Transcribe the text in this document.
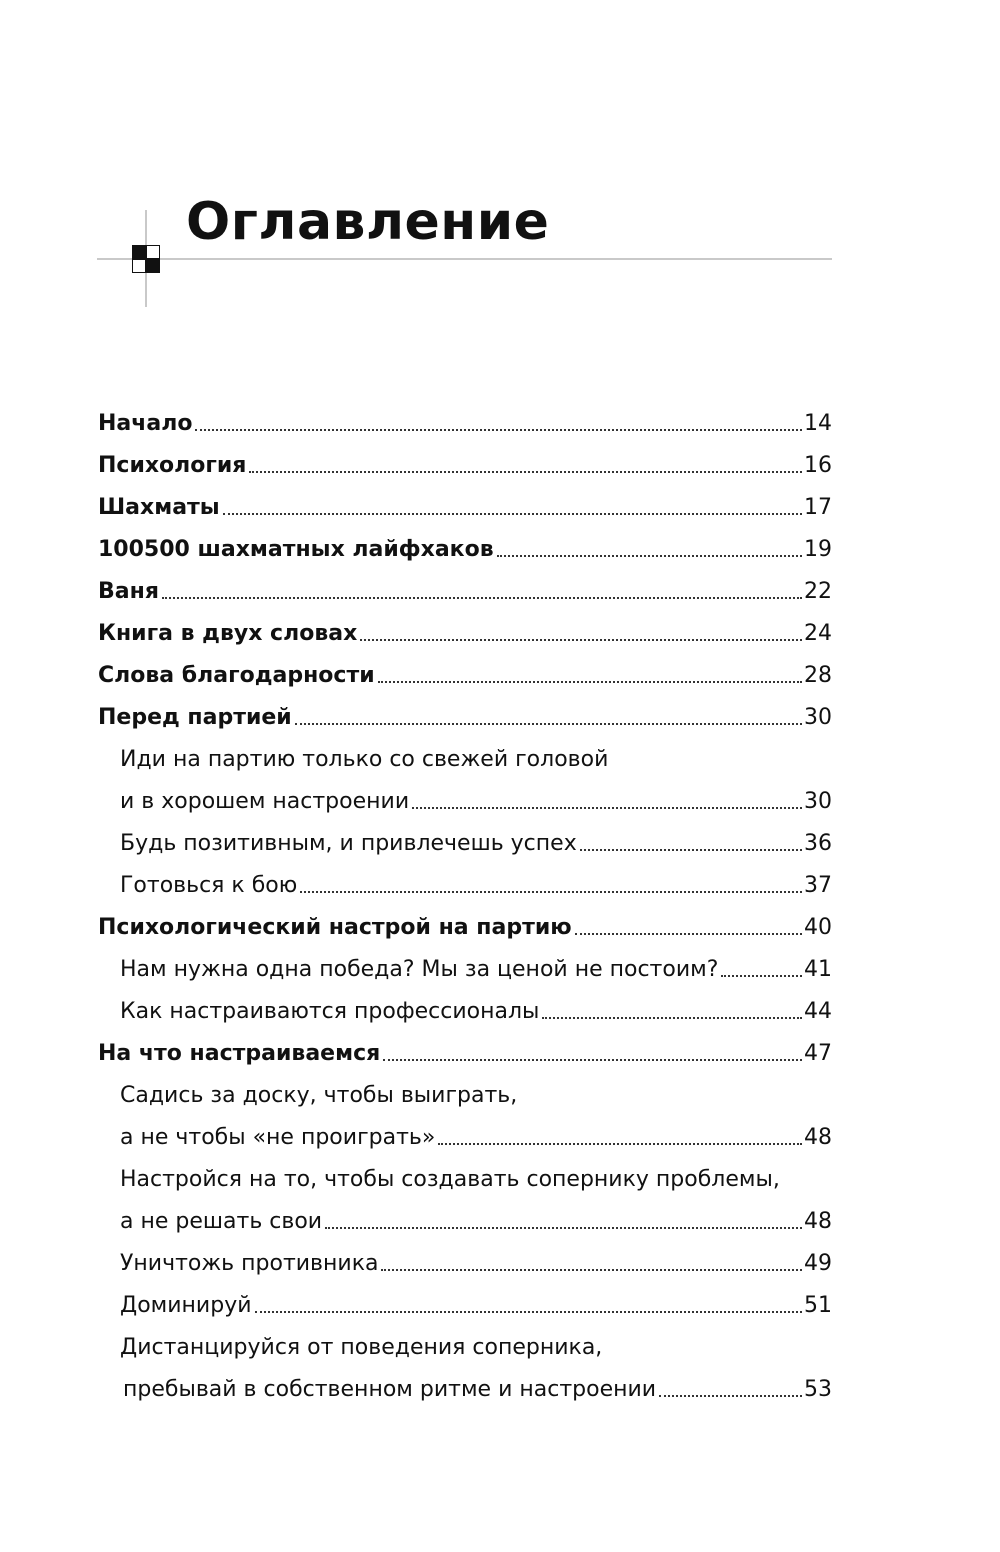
Оглавление
Начало	14
Психология	16
Шахматы	17
100500 шахматных лайфхаков	19
Ваня	22
Книга в двух словах	24
Слова благодарности	28
Перед партией	30
Иди на партию только со свежей головой
и в хорошем настроении	30
Будь позитивным, и привлечешь успех	36
Готовься к бою	37
Психологический настрой на партию	40
Нам нужна одна победа? Мы за ценой не постоим?	41
Как настраиваются профессионалы	44
На что настраиваемся	47
Садись за доску, чтобы выиграть,
а не чтобы «не проиграть»	48
Настройся на то, чтобы создавать сопернику проблемы,
а не решать свои	48
Уничтожь противника	49
Доминируй	51
Дистанцируйся от поведения соперника,
пребывай в собственном ритме и настроении	53
